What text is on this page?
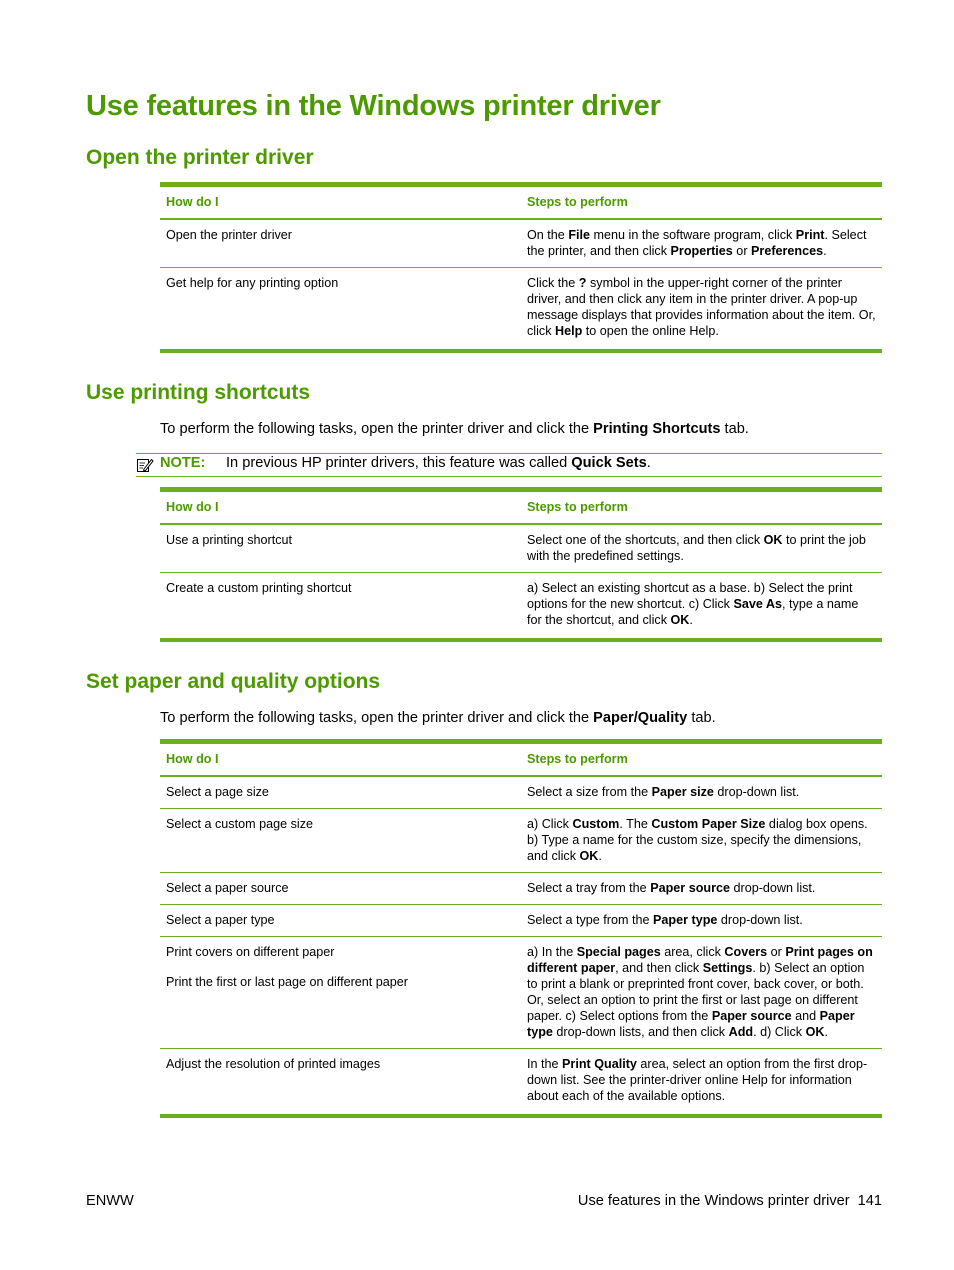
Use features in the Windows printer driver
Open the printer driver
How do I	Steps to perform

Open the printer driver	On the File menu in the software program, click Print. Select the printer, and then click Properties or Preferences.

Get help for any printing option	Click the ? symbol in the upper-right corner of the printer driver, and then click any item in the printer driver. A pop-up message displays that provides information about the item. Or, click Help to open the online Help.
Use printing shortcuts

To perform the following tasks, open the printer driver and click the Printing Shortcuts tab.

NOTE: In previous HP printer drivers, this feature was called Quick Sets.
How do I	Steps to perform

Use a printing shortcut	Select one of the shortcuts, and then click OK to print the job with the predefined settings.

Create a custom printing shortcut	a) Select an existing shortcut as a base. b) Select the print options for the new shortcut. c) Click Save As, type a name for the shortcut, and click OK.
Set paper and quality options

To perform the following tasks, open the printer driver and click the Paper/Quality tab.

How do I	Steps to perform

Select a page size	Select a size from the Paper size drop-down list.

Select a custom page size	a) Click Custom. The Custom Paper Size dialog box opens. b) Type a name for the custom size, specify the dimensions, and click OK.

Select a paper source	Select a tray from the Paper source drop-down list.

Select a paper type	Select a type from the Paper type drop-down list.

Print covers on different paper
Print the first or last page on different paper	a) In the Special pages area, click Covers or Print pages on different paper, and then click Settings. b) Select an option to print a blank or preprinted front cover, back cover, or both. Or, select an option to print the first or last page on different paper. c) Select options from the Paper source and Paper type drop-down lists, and then click Add. d) Click OK.

Adjust the resolution of printed images	In the Print Quality area, select an option from the first drop-down list. See the printer-driver online Help for information about each of the available options.
ENWW	Use features in the Windows printer driver 141
